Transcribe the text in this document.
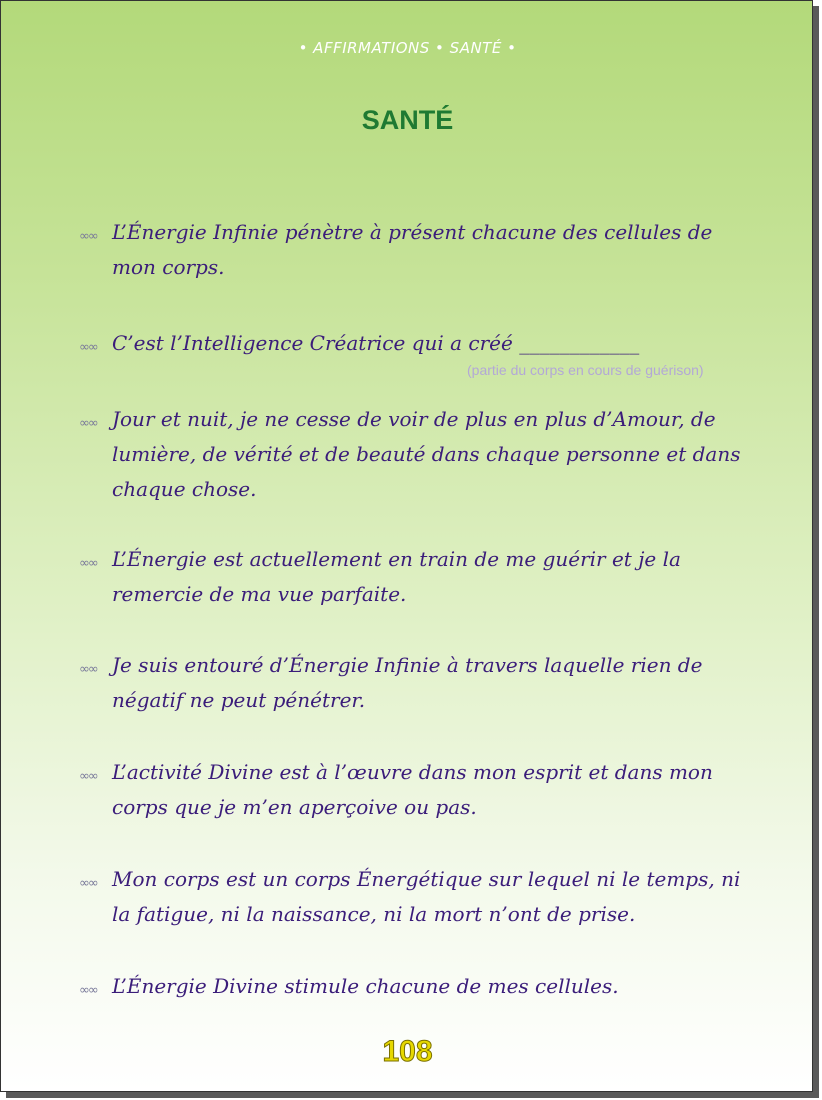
• AFFIRMATIONS • SANTÉ •
SANTÉ
∞∞ L’Énergie Infinie pénètre à présent chacune des cellules de mon corps.
∞∞ C’est l’Intelligence Créatrice qui a créé ____________
(partie du corps en cours de guérison)
∞∞ Jour et nuit, je ne cesse de voir de plus en plus d’Amour, de lumière, de vérité et de beauté dans chaque personne et dans chaque chose.
∞∞ L’Énergie est actuellement en train de me guérir et je la remercie de ma vue parfaite.
∞∞ Je suis entouré d’Énergie Infinie à travers laquelle rien de négatif ne peut pénétrer.
∞∞ L’activité Divine est à l’œuvre dans mon esprit et dans mon corps que je m’en aperçoive ou pas.
∞∞ Mon corps est un corps Énergétique sur lequel ni le temps, ni la fatigue, ni la naissance, ni la mort n’ont de prise.
∞∞ L’Énergie Divine stimule chacune de mes cellules.
108
